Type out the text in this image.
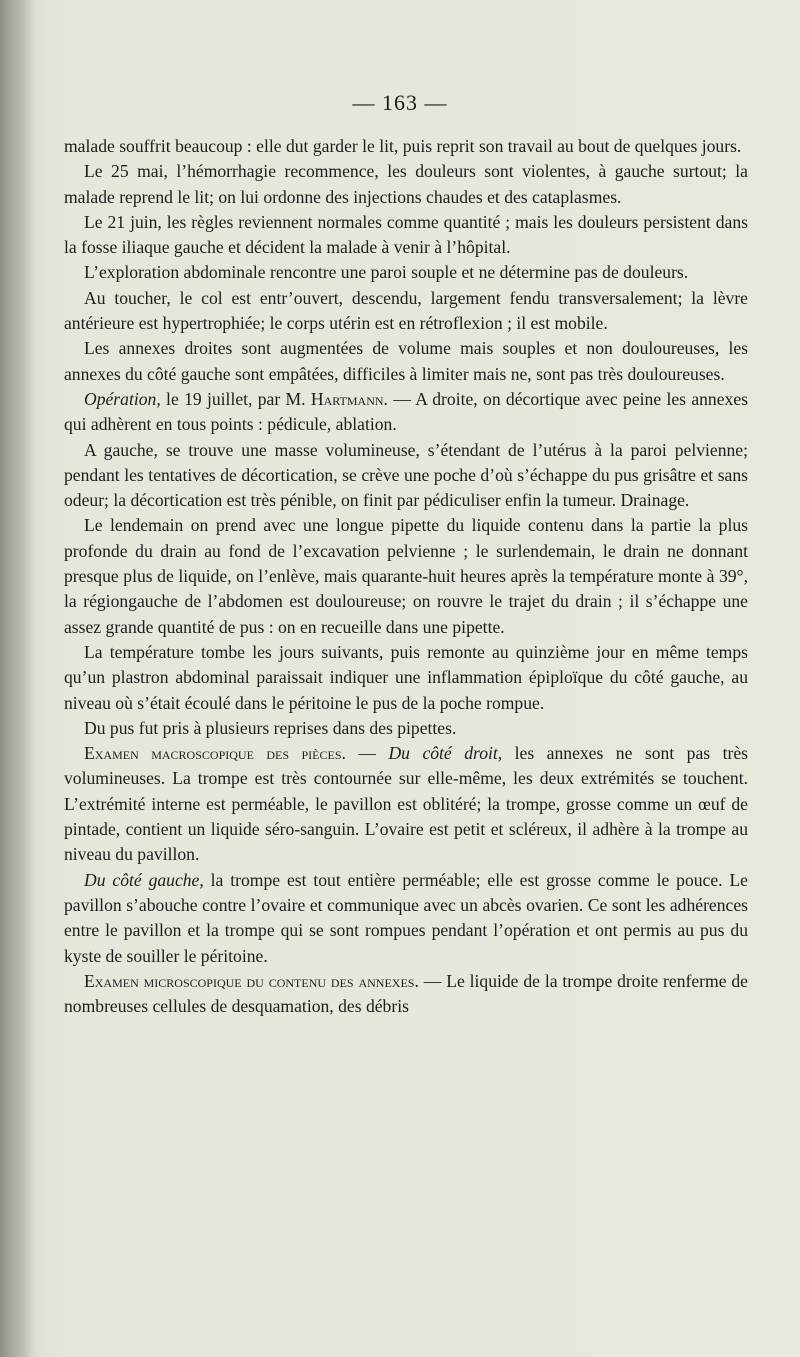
— 163 —

malade souffrit beaucoup : elle dut garder le lit, puis reprit son travail au bout de quelques jours.

Le 25 mai, l’hémorrhagie recommence, les douleurs sont violentes, à gauche surtout; la malade reprend le lit; on lui ordonne des injections chaudes et des cataplasmes.

Le 21 juin, les règles reviennent normales comme quantité ; mais les douleurs persistent dans la fosse iliaque gauche et décident la malade à venir à l’hôpital.

L’exploration abdominale rencontre une paroi souple et ne détermine pas de douleurs.

Au toucher, le col est entr’ouvert, descendu, largement fendu transversalement; la lèvre antérieure est hypertrophiée; le corps utérin est en rétroflexion ; il est mobile.

Les annexes droites sont augmentées de volume mais souples et non douloureuses, les annexes du côté gauche sont empâtées, difficiles à limiter mais ne, sont pas très douloureuses.

Opération, le 19 juillet, par M. Hartmann. — A droite, on décortique avec peine les annexes qui adhèrent en tous points : pédicule, ablation.

A gauche, se trouve une masse volumineuse, s’étendant de l’utérus à la paroi pelvienne; pendant les tentatives de décortication, se crève une poche d’où s’échappe du pus grisâtre et sans odeur; la décortication est très pénible, on finit par pédiculiser enfin la tumeur. Drainage.

Le lendemain on prend avec une longue pipette du liquide contenu dans la partie la plus profonde du drain au fond de l’excavation pelvienne ; le surlendemain, le drain ne donnant presque plus de liquide, on l’enlève, mais quarante-huit heures après la température monte à 39°, la régiongauche de l’abdomen est douloureuse; on rouvre le trajet du drain ; il s’échappe une assez grande quantité de pus : on en recueille dans une pipette.

La température tombe les jours suivants, puis remonte au quinzième jour en même temps qu’un plastron abdominal paraissait indiquer une inflammation épiploïque du côté gauche, au niveau où s’était écoulé dans le péritoine le pus de la poche rompue.

Du pus fut pris à plusieurs reprises dans des pipettes.

Examen macroscopique des pièces. — Du côté droit, les annexes ne sont pas très volumineuses. La trompe est très contournée sur elle-même, les deux extrémités se touchent. L’extrémité interne est perméable, le pavillon est oblitéré; la trompe, grosse comme un œuf de pintade, contient un liquide séro-sanguin. L’ovaire est petit et scléreux, il adhère à la trompe au niveau du pavillon.

Du côté gauche, la trompe est tout entière perméable; elle est grosse comme le pouce. Le pavillon s’abouche contre l’ovaire et communique avec un abcès ovarien. Ce sont les adhérences entre le pavillon et la trompe qui se sont rompues pendant l’opération et ont permis au pus du kyste de souiller le péritoine.

Examen microscopique du contenu des annexes. — Le liquide de la trompe droite renferme de nombreuses cellules de desquamation, des débris
